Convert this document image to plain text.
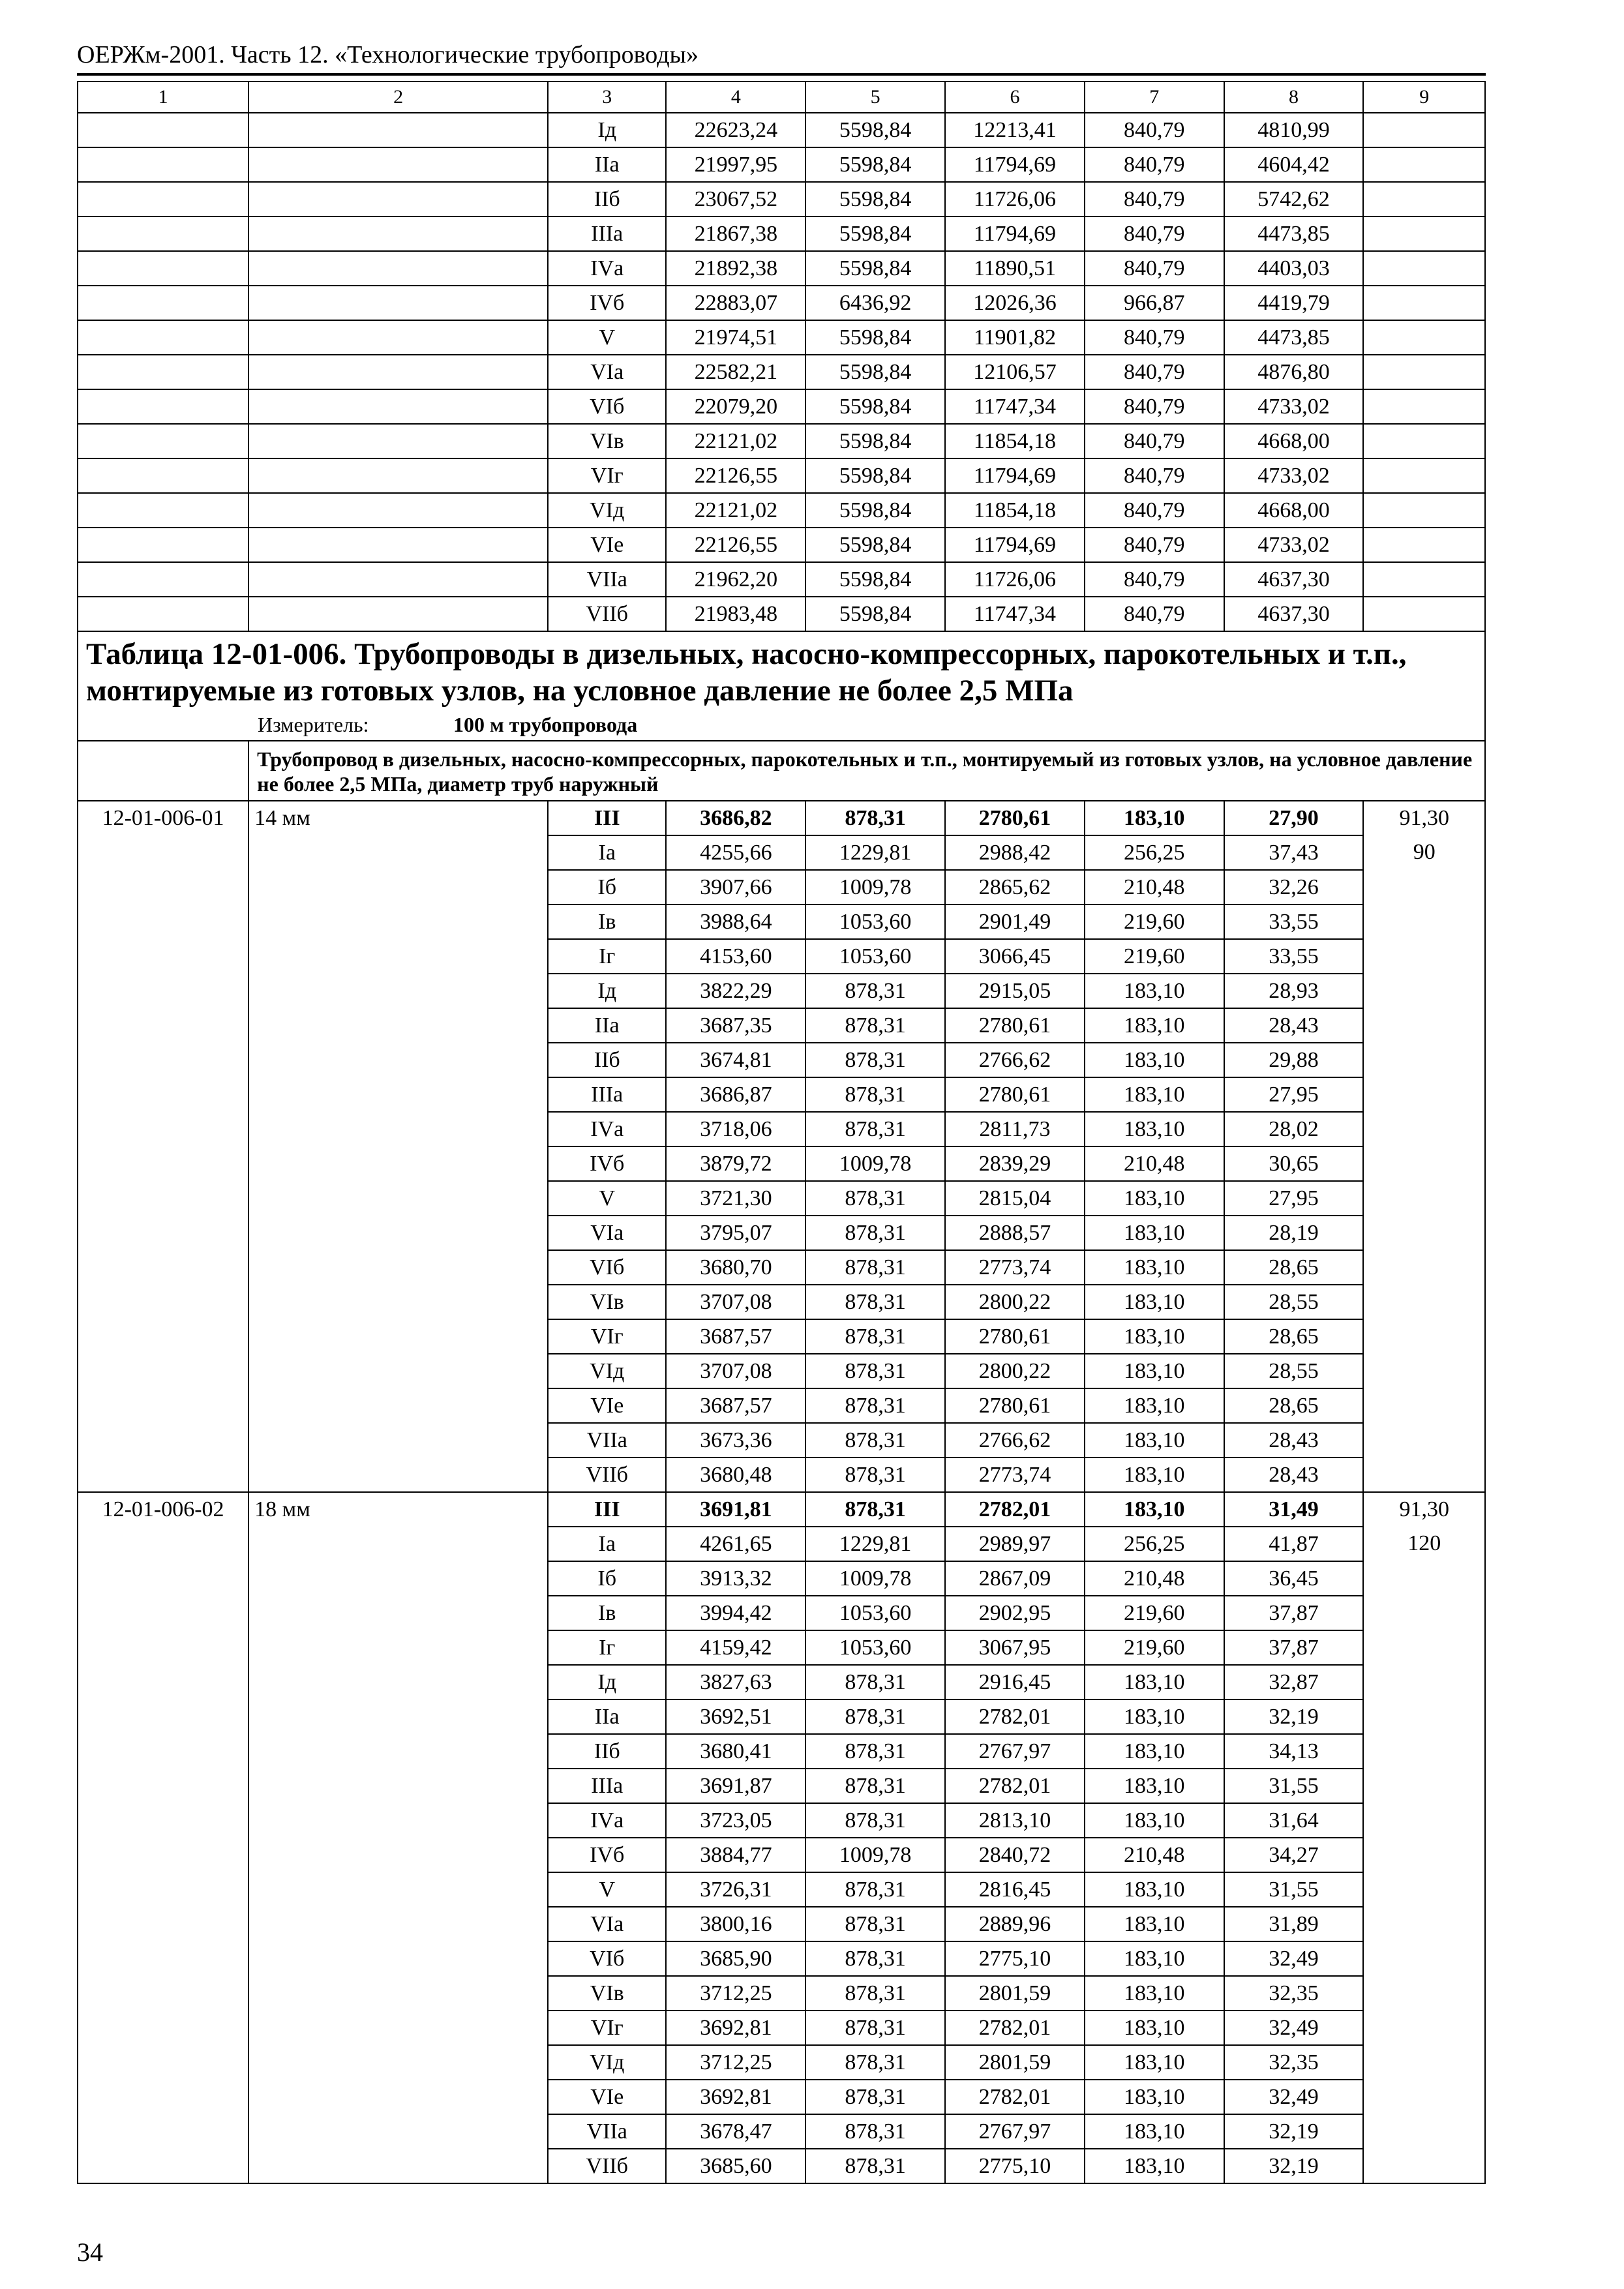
ОЕРЖм-2001. Часть 12. «Технологические трубопроводы»
1	2	3	4	5	6	7	8	9
		Iд	22623,24	5598,84	12213,41	840,79	4810,99	
		IIа	21997,95	5598,84	11794,69	840,79	4604,42	
		IIб	23067,52	5598,84	11726,06	840,79	5742,62	
		IIIа	21867,38	5598,84	11794,69	840,79	4473,85	
		IVа	21892,38	5598,84	11890,51	840,79	4403,03	
		IVб	22883,07	6436,92	12026,36	966,87	4419,79	
		V	21974,51	5598,84	11901,82	840,79	4473,85	
		VIа	22582,21	5598,84	12106,57	840,79	4876,80	
		VIб	22079,20	5598,84	11747,34	840,79	4733,02	
		VIв	22121,02	5598,84	11854,18	840,79	4668,00	
		VIг	22126,55	5598,84	11794,69	840,79	4733,02	
		VIд	22121,02	5598,84	11854,18	840,79	4668,00	
		VIе	22126,55	5598,84	11794,69	840,79	4733,02	
		VIIа	21962,20	5598,84	11726,06	840,79	4637,30	
		VIIб	21983,48	5598,84	11747,34	840,79	4637,30	

Таблица 12-01-006. Трубопроводы в дизельных, насосно-компрессорных, парокотельных и т.п., монтируемые из готовых узлов, на условное давление не более 2,5 МПа
Измеритель: 100 м трубопровода								

	Трубопровод в дизельных, насосно-компрессорных, парокотельных и т.п., монтируемый из готовых узлов, на условное давление не более 2,5 МПа, диаметр труб наружный							
12-01-006-01	14 мм	III	3686,82	878,31	2780,61	183,10	27,90	91,30
		Iа	4255,66	1229,81	2988,42	256,25	37,43	90
		Iб	3907,66	1009,78	2865,62	210,48	32,26	
		Iв	3988,64	1053,60	2901,49	219,60	33,55	
		Iг	4153,60	1053,60	3066,45	219,60	33,55	
		Iд	3822,29	878,31	2915,05	183,10	28,93	
		IIа	3687,35	878,31	2780,61	183,10	28,43	
		IIб	3674,81	878,31	2766,62	183,10	29,88	
		IIIа	3686,87	878,31	2780,61	183,10	27,95	
		IVа	3718,06	878,31	2811,73	183,10	28,02	
		IVб	3879,72	1009,78	2839,29	210,48	30,65	
		V	3721,30	878,31	2815,04	183,10	27,95	
		VIа	3795,07	878,31	2888,57	183,10	28,19	
		VIб	3680,70	878,31	2773,74	183,10	28,65	
		VIв	3707,08	878,31	2800,22	183,10	28,55	
		VIг	3687,57	878,31	2780,61	183,10	28,65	
		VIд	3707,08	878,31	2800,22	183,10	28,55	
		VIе	3687,57	878,31	2780,61	183,10	28,65	
		VIIа	3673,36	878,31	2766,62	183,10	28,43	
		VIIб	3680,48	878,31	2773,74	183,10	28,43	
12-01-006-02	18 мм	III	3691,81	878,31	2782,01	183,10	31,49	91,30
		Iа	4261,65	1229,81	2989,97	256,25	41,87	120
		Iб	3913,32	1009,78	2867,09	210,48	36,45	
		Iв	3994,42	1053,60	2902,95	219,60	37,87	
		Iг	4159,42	1053,60	3067,95	219,60	37,87	
		Iд	3827,63	878,31	2916,45	183,10	32,87	
		IIа	3692,51	878,31	2782,01	183,10	32,19	
		IIб	3680,41	878,31	2767,97	183,10	34,13	
		IIIа	3691,87	878,31	2782,01	183,10	31,55	
		IVа	3723,05	878,31	2813,10	183,10	31,64	
		IVб	3884,77	1009,78	2840,72	210,48	34,27	
		V	3726,31	878,31	2816,45	183,10	31,55	
		VIа	3800,16	878,31	2889,96	183,10	31,89	
		VIб	3685,90	878,31	2775,10	183,10	32,49	
		VIв	3712,25	878,31	2801,59	183,10	32,35	
		VIг	3692,81	878,31	2782,01	183,10	32,49	
		VIд	3712,25	878,31	2801,59	183,10	32,35	
		VIе	3692,81	878,31	2782,01	183,10	32,49	
		VIIа	3678,47	878,31	2767,97	183,10	32,19	
		VIIб	3685,60	878,31	2775,10	183,10	32,19	
34
